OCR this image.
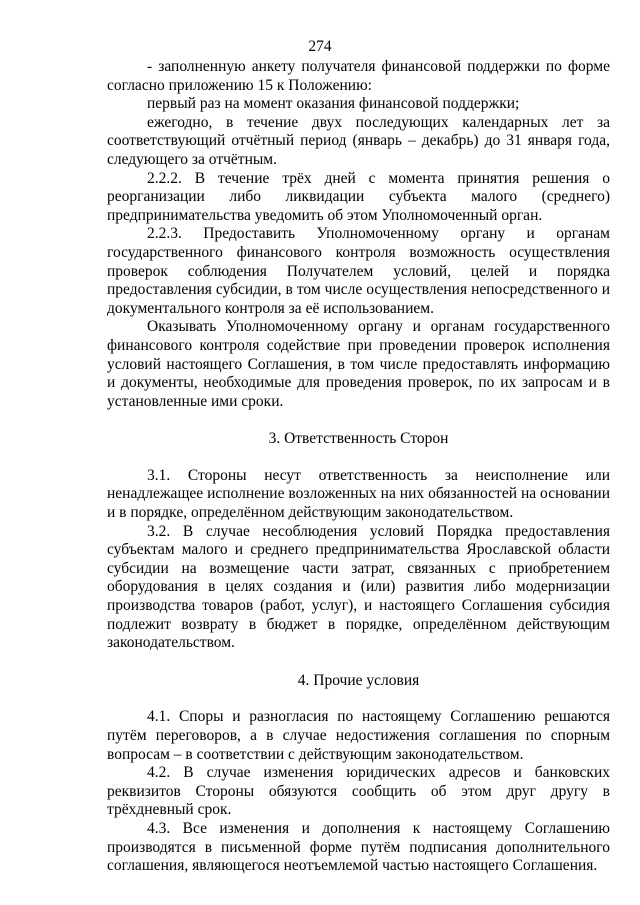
274

- заполненную анкету получателя финансовой поддержки по форме согласно приложению 15 к Положению:

первый раз на момент оказания финансовой поддержки;

ежегодно, в течение двух последующих календарных лет за соответствующий отчётный период (январь – декабрь) до 31 января года, следующего за отчётным.

2.2.2. В течение трёх дней с момента принятия решения о реорганизации либо ликвидации субъекта малого (среднего) предпринимательства уведомить об этом Уполномоченный орган.

2.2.3. Предоставить Уполномоченному органу и органам государственного финансового контроля возможность осуществления проверок соблюдения Получателем условий, целей и порядка предоставления субсидии, в том числе осуществления непосредственного и документального контроля за её использованием.

Оказывать Уполномоченному органу и органам государственного финансового контроля содействие при проведении проверок исполнения условий настоящего Соглашения, в том числе предоставлять информацию и документы, необходимые для проведения проверок, по их запросам и в установленные ими сроки.

3. Ответственность Сторон

3.1. Стороны несут ответственность за неисполнение или ненадлежащее исполнение возложенных на них обязанностей на основании и в порядке, определённом действующим законодательством.

3.2. В случае несоблюдения условий Порядка предоставления субъектам малого и среднего предпринимательства Ярославской области субсидии на возмещение части затрат, связанных с приобретением оборудования в целях создания и (или) развития либо модернизации производства товаров (работ, услуг), и настоящего Соглашения субсидия подлежит возврату в бюджет в порядке, определённом действующим законодательством.

4. Прочие условия

4.1. Споры и разногласия по настоящему Соглашению решаются путём переговоров, а в случае недостижения соглашения по спорным вопросам – в соответствии с действующим законодательством.

4.2. В случае изменения юридических адресов и банковских реквизитов Стороны обязуются сообщить об этом друг другу в трёхдневный срок.

4.3. Все изменения и дополнения к настоящему Соглашению производятся в письменной форме путём подписания дополнительного соглашения, являющегося неотъемлемой частью настоящего Соглашения.
